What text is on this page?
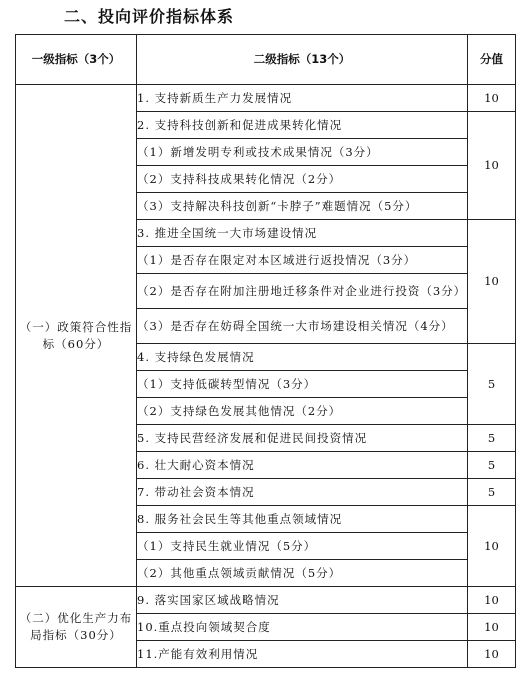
二、投向评价指标体系
一级指标（3个）	二级指标（13个）	分值
（一）政策符合性指标（60分）	1. 支持新质生产力发展情况	10
	2. 支持科技创新和促进成果转化情况	10
	（1）新增发明专利或技术成果情况（3分）	
	（2）支持科技成果转化情况（2分）	
	（3）支持解决科技创新“卡脖子”难题情况（5分）	
	3. 推进全国统一大市场建设情况	10
	（1）是否存在限定对本区域进行返投情况（3分）	
	（2）是否存在附加注册地迁移条件对企业进行投资（3分）	
	（3）是否存在妨碍全国统一大市场建设相关情况（4分）	
	4. 支持绿色发展情况	5
	（1）支持低碳转型情况（3分）	
	（2）支持绿色发展其他情况（2分）	
	5. 支持民营经济发展和促进民间投资情况	5
	6. 壮大耐心资本情况	5
	7. 带动社会资本情况	5
	8. 服务社会民生等其他重点领域情况	10
	（1）支持民生就业情况（5分）	
	（2）其他重点领域贡献情况（5分）	
（二）优化生产力布局指标（30分）	9. 落实国家区域战略情况	10
	10.重点投向领域契合度	10
	11.产能有效利用情况	10
